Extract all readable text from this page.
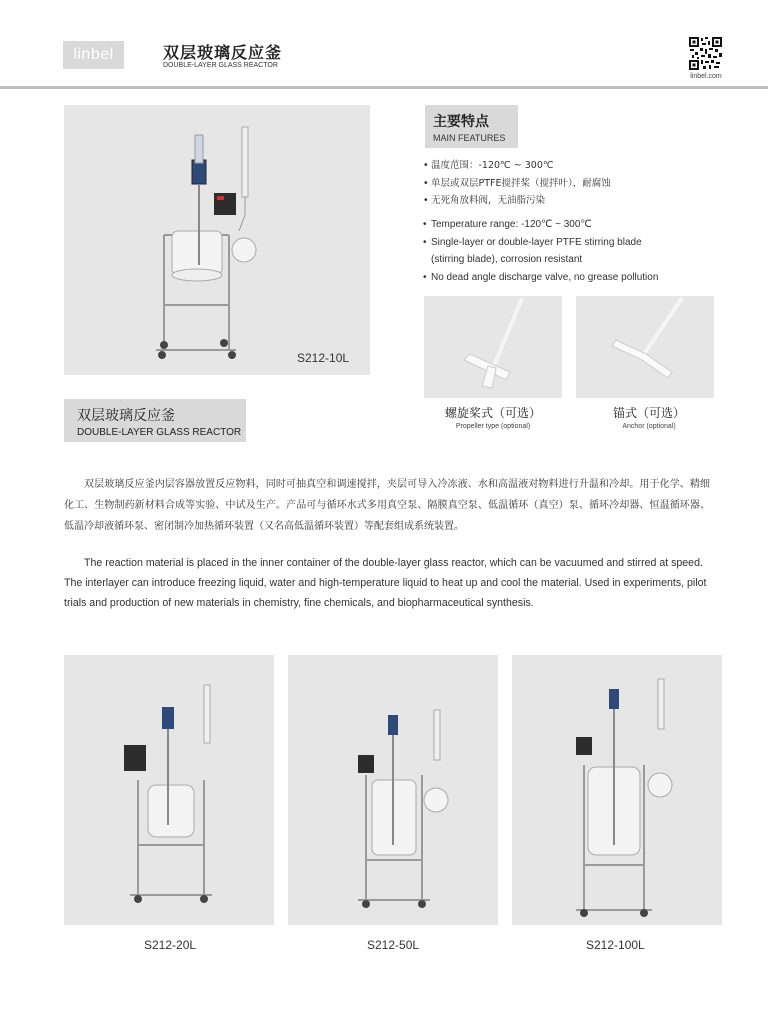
linbel	双层玻璃反应釜
DOUBLE-LAYER GLASS REACTOR
linbel.com
S212-10L
主要特点
MAIN FEATURES
• 温度范围：-120℃ ~ 300℃
• 单层或双层PTFE搅拌桨（搅拌叶），耐腐蚀
• 无死角放料阀，无油脂污染
• Temperature range: -120℃ ~ 300℃
• Single-layer or double-layer PTFE stirring blade
(stirring blade), corrosion resistant
• No dead angle discharge valve, no grease pollution
螺旋桨式（可选）
Propeller type (optional)
锚式（可选）
Anchor (optional)
双层玻璃反应釜
DOUBLE-LAYER GLASS REACTOR

双层玻璃反应釜内层容器放置反应物料，同时可抽真空和调速搅拌，夹层可导入冷冻液、水和高温液对物料进行升温和冷却。用于化学、精细化工、生物制药新材料合成等实验、中试及生产。产品可与循环水式多用真空泵、隔膜真空泵、低温循环（真空）泵、循环冷却器、恒温循环器、低温冷却液循环泵、密闭制冷加热循环装置（又名高低温循环装置）等配套组成系统装置。

The reaction material is placed in the inner container of the double-layer glass reactor, which can be vacuumed and stirred at speed. The interlayer can introduce freezing liquid, water and high-temperature liquid to heat up and cool the material. Used in experiments, pilot trials and production of new materials in chemistry, fine chemicals, and biopharmaceutical synthesis.

S212-20L	S212-50L	S212-100L
